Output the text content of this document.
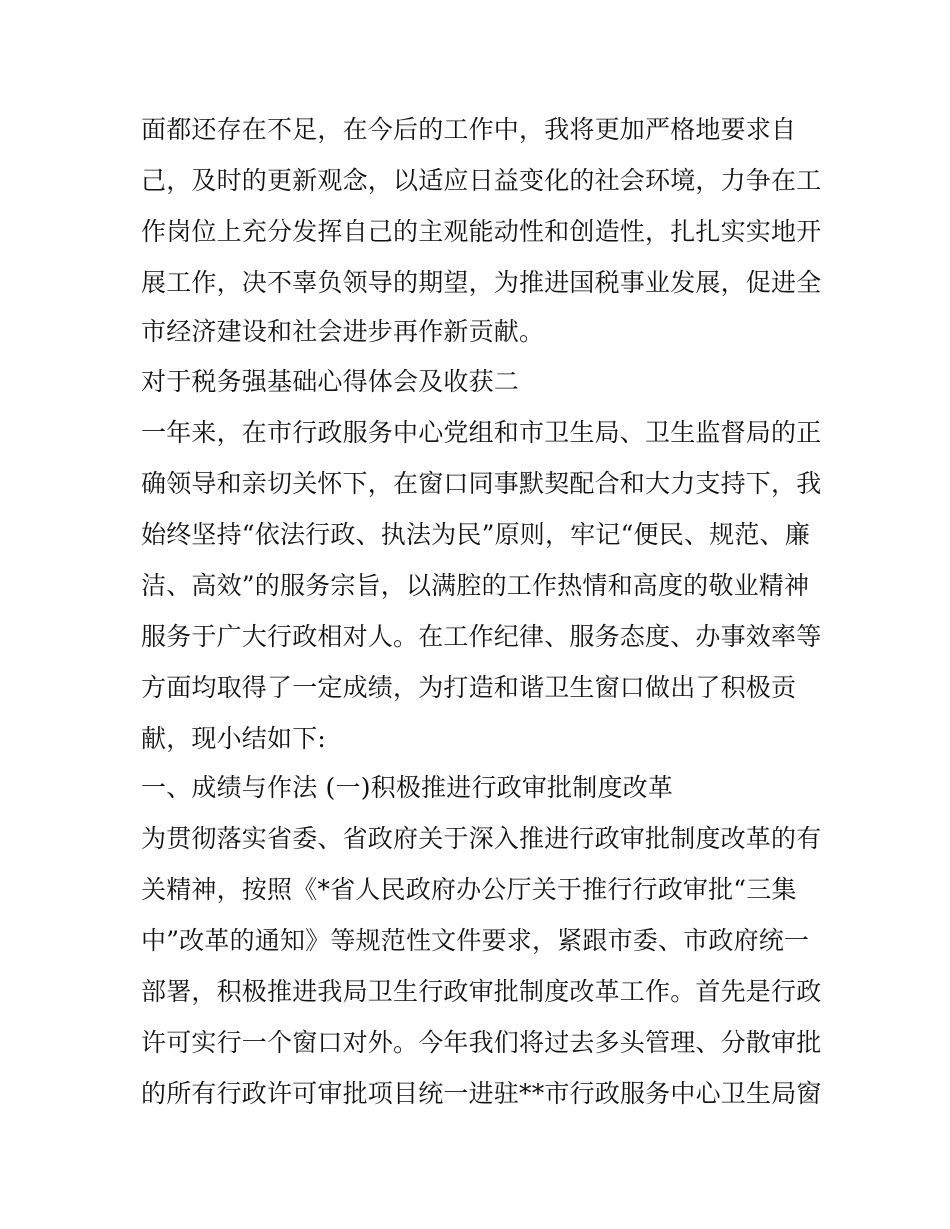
面都还存在不足，在今后的工作中，我将更加严格地要求自
己，及时的更新观念，以适应日益变化的社会环境，力争在工
作岗位上充分发挥自己的主观能动性和创造性，扎扎实实地开
展工作，决不辜负领导的期望，为推进国税事业发展，促进全
市经济建设和社会进步再作新贡献。
对于税务强基础心得体会及收获二
一年来，在市行政服务中心党组和市卫生局、卫生监督局的正
确领导和亲切关怀下，在窗口同事默契配合和大力支持下，我
始终坚持“依法行政、执法为民”原则，牢记“便民、规范、廉
洁、高效”的服务宗旨，以满腔的工作热情和高度的敬业精神
服务于广大行政相对人。在工作纪律、服务态度、办事效率等
方面均取得了一定成绩，为打造和谐卫生窗口做出了积极贡
献，现小结如下:
一、成绩与作法 (一)积极推进行政审批制度改革
为贯彻落实省委、省政府关于深入推进行政审批制度改革的有
关精神，按照《*省人民政府办公厅关于推行行政审批“三集
中”改革的通知》等规范性文件要求，紧跟市委、市政府统一
部署，积极推进我局卫生行政审批制度改革工作。首先是行政
许可实行一个窗口对外。今年我们将过去多头管理、分散审批
的所有行政许可审批项目统一进驻**市行政服务中心卫生局窗
